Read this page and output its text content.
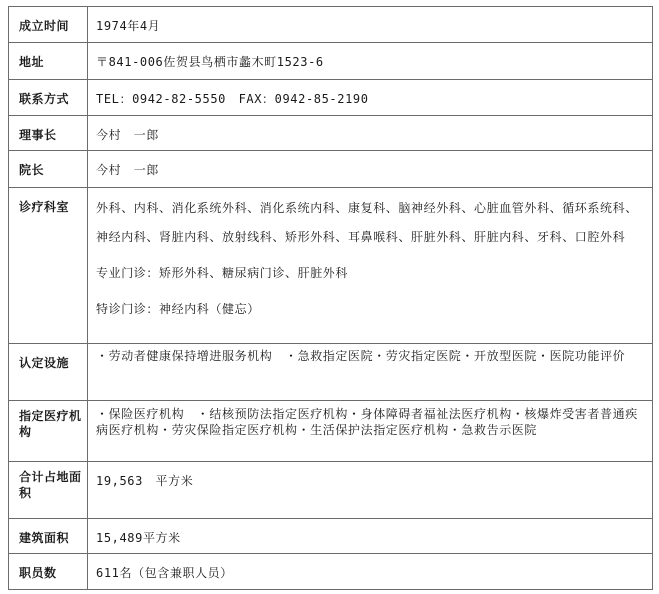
成立时间	1974年4月
地址	〒841-006佐贺县鸟栖市蠡木町1523-6
联系方式	TEL：0942-82-5550　FAX：0942-85-2190
理事长	今村　一郎
院长	今村　一郎
诊疗科室	外科、内科、消化系统外科、消化系统内科、康复科、脑神经外科、心脏血管外科、循环系统科、神经内科、肾脏内科、放射线科、矫形外科、耳鼻喉科、肝脏外科、肝脏内科、牙科、口腔外科

专业门诊：矫形外科、糖尿病门诊、肝脏外科

特诊门诊：神经内科（健忘）

认定设施	・劳动者健康保持增进服务机构　・急救指定医院・劳灾指定医院・开放型医院・医院功能评价
指定医疗机构	・保险医疗机构　・结核预防法指定医疗机构・身体障碍者福祉法医疗机构・核爆炸受害者普通疾病医疗机构・劳灾保险指定医疗机构・生活保护法指定医疗机构・急救告示医院
合计占地面积	19,563　平方米
建筑面积	15,489平方米
职员数	611名（包含兼职人员）
